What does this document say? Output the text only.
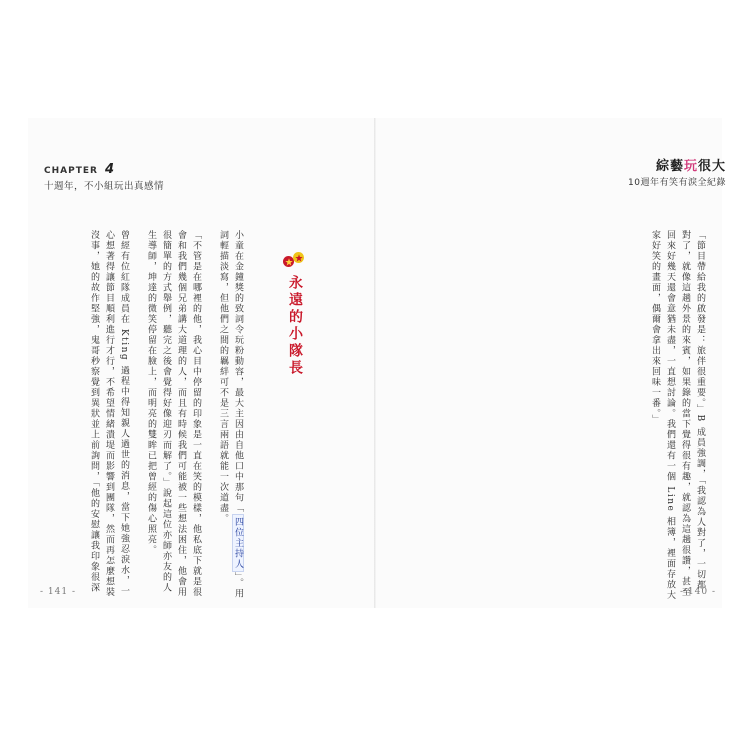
CHAPTER 4
十週年，不小組玩出真感情
綜藝玩很大
10週年有笑有淚全紀錄
永遠的小隊長
小童在金鐘獎的致詞令玩粉動容，最大主因由自他口中那句「四位主持人」。用
詞輕描淡寫，但他們之間的羈絆可不是三言兩語就能一次道盡。
「不管是在哪裡的他，我心目中停留的印象是一直在笑的模樣，他私底下就是很
會和我們幾個兄弟講大道理的人，而且有時候我們可能被一些想法困住，他會用
很簡單的方式舉例，聽完之後會覺得好像迎刃而解了。」說起這位亦師亦友的人
生導師，坤達的微笑停留在臉上，而明亮的雙眸已把曾經的傷心照亮。
曾經有位紅隊成員在 Kting 過程中得知親人過世的消息，當下她強忍淚水，一
心想著得讓節目順利進行才行，不希望情緒潰堤而影響到團隊，然而再怎麼想裝
沒事，她的故作堅強，鬼哥秒察覺到異狀並上前詢問，「他的安慰讓我印象很深	「節目帶給我的啟發是：旅伴很重要。」B 成員強調，「我認為人對了，一切都
對了，就像這趟外景的來賓，如果錄的當下覺得很有趣，就認為這趟很讚，甚至
回來好幾天還會意猶未盡，一直想討論。我們還有一個 Line 相簿，裡面存放大
家好笑的畫面，偶爾會拿出來回味一番。」
- 141 -	- 140 -
